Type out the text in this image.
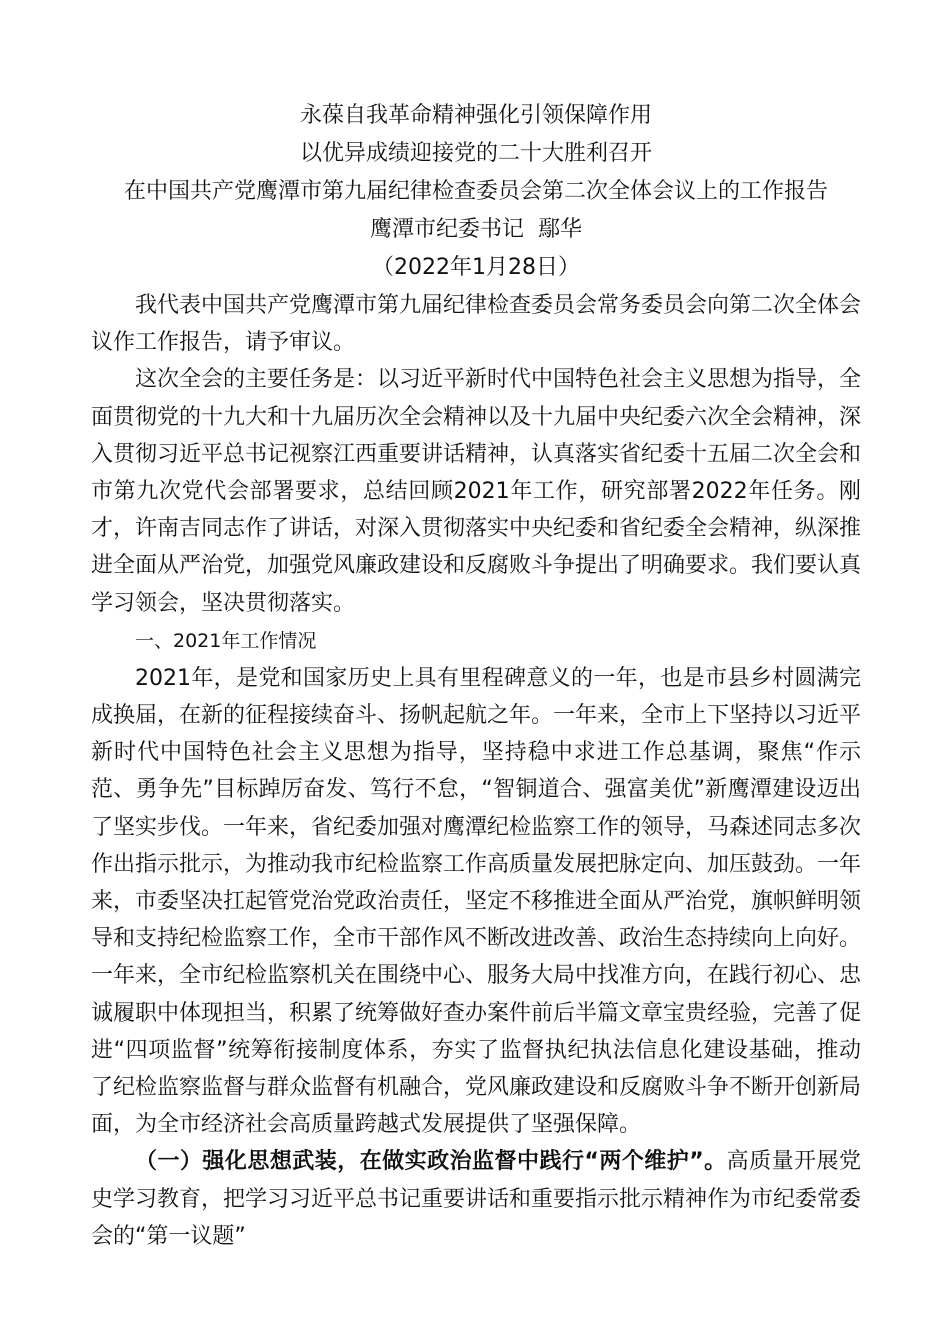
永葆自我革命精神强化引领保障作用

以优异成绩迎接党的二十大胜利召开

在中国共产党鹰潭市第九届纪律检查委员会第二次全体会议上的工作报告

鹰潭市纪委书记  鄢华

（2022年1月28日）

我代表中国共产党鹰潭市第九届纪律检查委员会常务委员会向第二次全体会议作工作报告，请予审议。

这次全会的主要任务是：以习近平新时代中国特色社会主义思想为指导，全面贯彻党的十九大和十九届历次全会精神以及十九届中央纪委六次全会精神，深入贯彻习近平总书记视察江西重要讲话精神，认真落实省纪委十五届二次全会和市第九次党代会部署要求，总结回顾2021年工作，研究部署2022年任务。刚才，许南吉同志作了讲话，对深入贯彻落实中央纪委和省纪委全会精神，纵深推进全面从严治党，加强党风廉政建设和反腐败斗争提出了明确要求。我们要认真学习领会，坚决贯彻落实。

一、2021年工作情况

2021年，是党和国家历史上具有里程碑意义的一年，也是市县乡村圆满完成换届，在新的征程接续奋斗、扬帆起航之年。一年来，全市上下坚持以习近平新时代中国特色社会主义思想为指导，坚持稳中求进工作总基调，聚焦“作示范、勇争先”目标踔厉奋发、笃行不怠，“智铜道合、强富美优”新鹰潭建设迈出了坚实步伐。一年来，省纪委加强对鹰潭纪检监察工作的领导，马森述同志多次作出指示批示，为推动我市纪检监察工作高质量发展把脉定向、加压鼓劲。一年来，市委坚决扛起管党治党政治责任，坚定不移推进全面从严治党，旗帜鲜明领导和支持纪检监察工作，全市干部作风不断改进改善、政治生态持续向上向好。一年来，全市纪检监察机关在围绕中心、服务大局中找准方向，在践行初心、忠诚履职中体现担当，积累了统筹做好查办案件前后半篇文章宝贵经验，完善了促进“四项监督”统筹衔接制度体系，夯实了监督执纪执法信息化建设基础，推动了纪检监察监督与群众监督有机融合，党风廉政建设和反腐败斗争不断开创新局面，为全市经济社会高质量跨越式发展提供了坚强保障。

（一）强化思想武装，在做实政治监督中践行“两个维护”。高质量开展党史学习教育，把学习习近平总书记重要讲话和重要指示批示精神作为市纪委常委会的“第一议题”
